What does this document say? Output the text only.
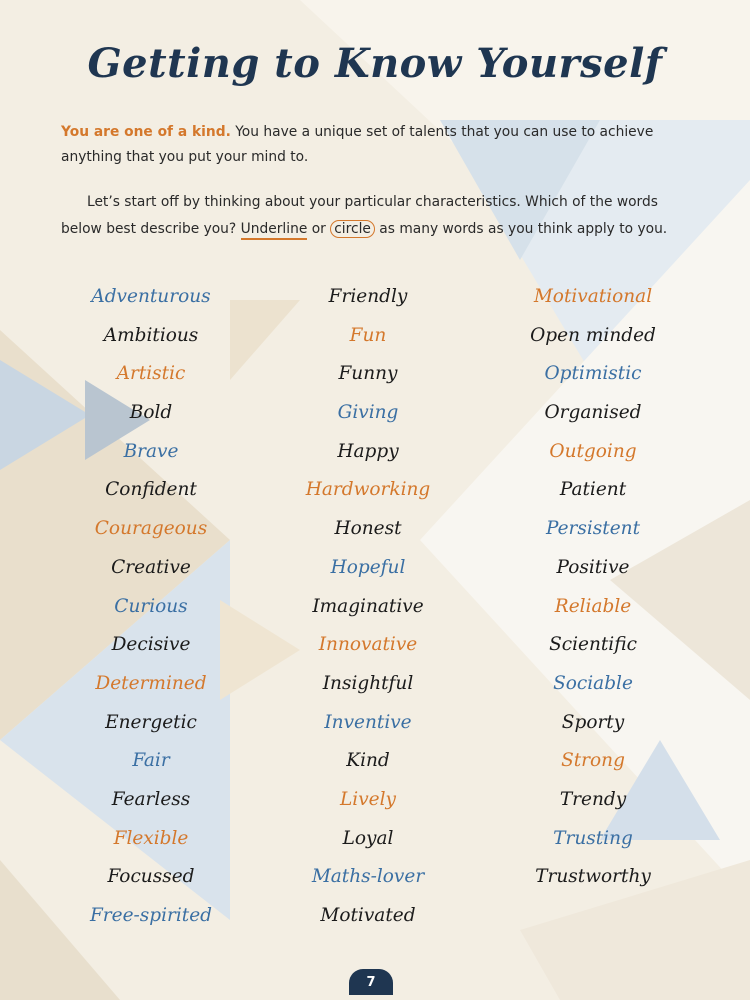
Getting to Know Yourself
You are one of a kind. You have a unique set of talents that you can use to achieve anything that you put your mind to.
Let’s start off by thinking about your particular characteristics. Which of the words below best describe you? Underline or circle as many words as you think apply to you.
Adventurous
Ambitious
Artistic
Bold
Brave
Confident
Courageous
Creative
Curious
Decisive
Determined
Energetic
Fair
Fearless
Flexible
Focussed
Free-spirited
Friendly
Fun
Funny
Giving
Happy
Hardworking
Honest
Hopeful
Imaginative
Innovative
Insightful
Inventive
Kind
Lively
Loyal
Maths-lover
Motivated
Motivational
Open minded
Optimistic
Organised
Outgoing
Patient
Persistent
Positive
Reliable
Scientific
Sociable
Sporty
Strong
Trendy
Trusting
Trustworthy
7
